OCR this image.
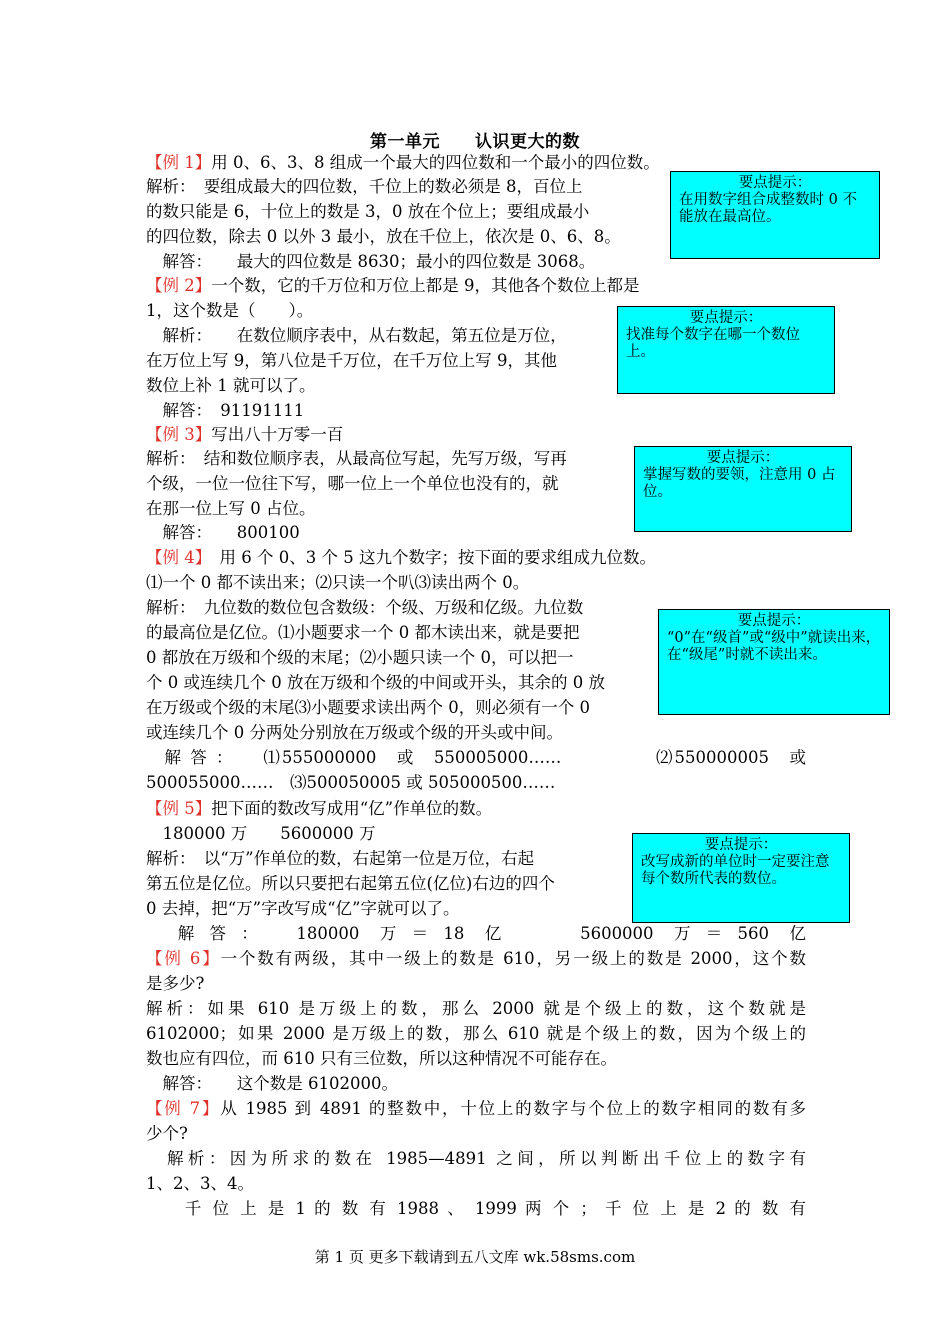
第一单元　　认识更大的数
【例 1】用 0、6、3、8 组成一个最大的四位数和一个最小的四位数。
解析：　要组成最大的四位数，千位上的数必须是 8，百位上
的数只能是 6，十位上的数是 3，0 放在个位上；要组成最小
的四位数，除去 0 以外 3 最小，放在千位上，依次是 0、6、8。
　解答：　　最大的四位数是 8630；最小的四位数是 3068。
【例 2】一个数，它的千万位和万位上都是 9，其他各个数位上都是
1，这个数是（　　）。
　解析：　　在数位顺序表中，从右数起，第五位是万位，
在万位上写 9，第八位是千万位，在千万位上写 9，其他
数位上补 1 就可以了。
　解答：　91191111
【例 3】写出八十万零一百
解析：　结和数位顺序表，从最高位写起，先写万级，写再
个级，一位一位往下写，哪一位上一个单位也没有的，就
在那一位上写 0 占位。
　解答：　　800100
【例 4】　用 6 个 0、3 个 5 这九个数字；按下面的要求组成九位数。
⑴一个 0 都不读出来；⑵只读一个叭⑶读出两个 0。
解析：　九位数的数位包含数级：个级、万级和亿级。九位数
的最高位是亿位。⑴小题要求一个 0 都木读出来，就是要把
0 都放在万级和个级的末尾；⑵小题只读一个 0，可以把一
个 0 或连续几个 0 放在万级和个级的中间或开头，其余的 0 放
在万级或个级的末尾⑶小题要求读出两个 0，则必须有一个 0
或连续几个 0 分两处分别放在万级或个级的开头或中间。
　解 答 ：　　⑴555000000　或　550005000……　　　　　⑵550000005　或
500055000……　⑶500050005 或 505000500……
【例 5】把下面的数改写成用“亿”作单位的数。
　180000 万　　5600000 万
解析：　以“万”作单位的数，右起第一位是万位，右起
第五位是亿位。所以只要把右起第五位(亿位)右边的四个
0 去掉，把“万”字改写成“亿”字就可以了。
　解答：　180000 万＝18 亿　　5600000 万＝560 亿
【例 6】一个数有两级，其中一级上的数是 610，另一级上的数是 2000，这个数
是多少?
解析：如果 610 是万级上的数，那么 2000 就是个级上的数，这个数就是
6102000；如果 2000 是万级上的数，那么 610 就是个级上的数，因为个级上的
数也应有四位，而 610 只有三位数，所以这种情况不可能存在。
　解答：　　这个数是 6102000。
【例 7】从 1985 到 4891 的整数中，十位上的数字与个位上的数字相同的数有多
少个?
　解析：因为所求的数在 1985—4891 之间，所以判断出千位上的数字有
1、2、3、4。
　　千 位 上 是 1 的 数 有 1988 、 1999 两 个 ； 千 位 上 是 2 的 数 有
要点提示：
在用数字组合成整数时 0 不能放在最高位。
要点提示：
找准每个数字在哪一个数位上。
要点提示：
掌握写数的要领，注意用 0 占位。
要点提示：
“0”在“级首”或“级中”就读出来，在“级尾”时就不读出来。
要点提示：
改写成新的单位时一定要注意每个数所代表的数位。
第 1 页 更多下载请到五八文库 wk.58sms.com
